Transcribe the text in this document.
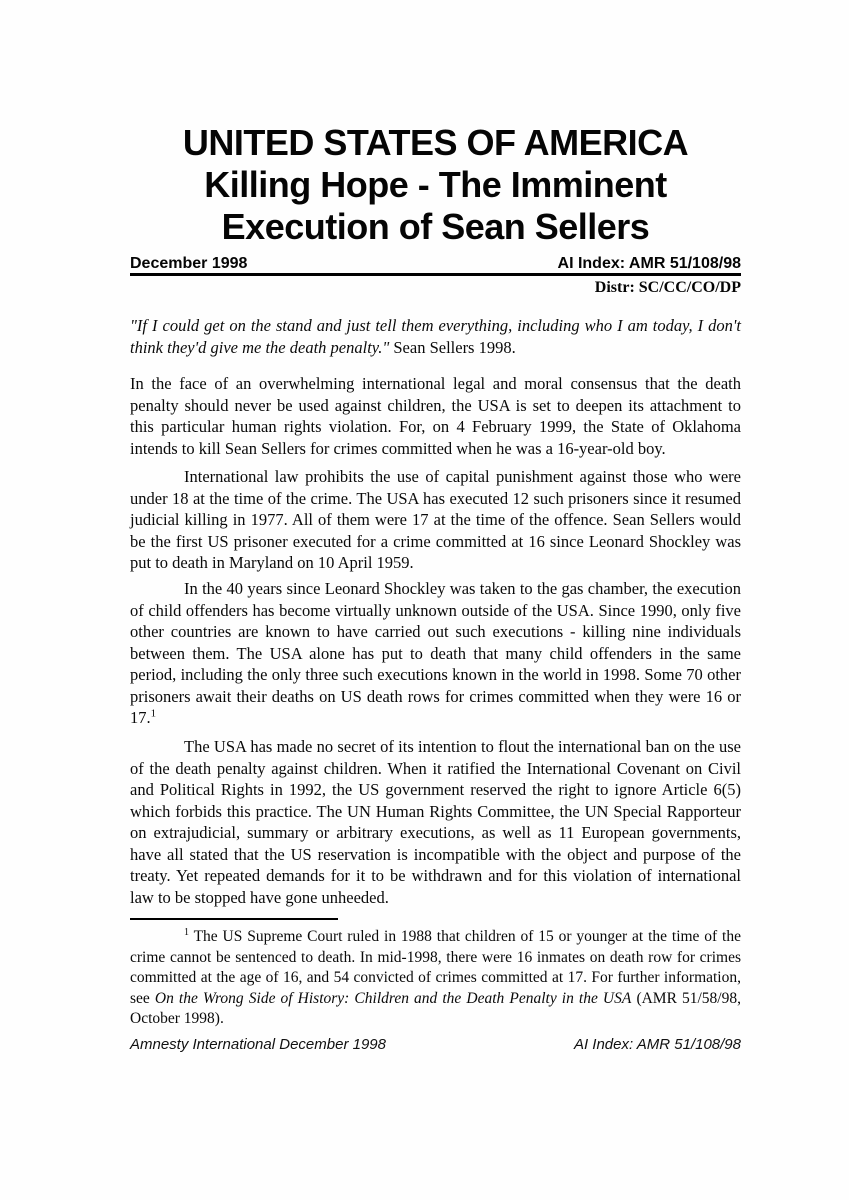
UNITED STATES OF AMERICA
Killing Hope - The Imminent
Execution of Sean Sellers
December 1998	AI Index: AMR 51/108/98
Distr: SC/CC/CO/DP
"If I could get on the stand and just tell them everything, including who I am today, I don't think they'd give me the death penalty." Sean Sellers 1998.
In the face of an overwhelming international legal and moral consensus that the death penalty should never be used against children, the USA is set to deepen its attachment to this particular human rights violation. For, on 4 February 1999, the State of Oklahoma intends to kill Sean Sellers for crimes committed when he was a 16-year-old boy.
International law prohibits the use of capital punishment against those who were under 18 at the time of the crime. The USA has executed 12 such prisoners since it resumed judicial killing in 1977. All of them were 17 at the time of the offence. Sean Sellers would be the first US prisoner executed for a crime committed at 16 since Leonard Shockley was put to death in Maryland on 10 April 1959.
In the 40 years since Leonard Shockley was taken to the gas chamber, the execution of child offenders has become virtually unknown outside of the USA. Since 1990, only five other countries are known to have carried out such executions - killing nine individuals between them. The USA alone has put to death that many child offenders in the same period, including the only three such executions known in the world in 1998. Some 70 other prisoners await their deaths on US death rows for crimes committed when they were 16 or 17.$^1$
The USA has made no secret of its intention to flout the international ban on the use of the death penalty against children. When it ratified the International Covenant on Civil and Political Rights in 1992, the US government reserved the right to ignore Article 6(5) which forbids this practice. The UN Human Rights Committee, the UN Special Rapporteur on extrajudicial, summary or arbitrary executions, as well as 11 European governments, have all stated that the US reservation is incompatible with the object and purpose of the treaty. Yet repeated demands for it to be withdrawn and for this violation of international law to be stopped have gone unheeded.
$^1$ The US Supreme Court ruled in 1988 that children of 15 or younger at the time of the crime cannot be sentenced to death. In mid-1998, there were 16 inmates on death row for crimes committed at the age of 16, and 54 convicted of crimes committed at 17. For further information, see On the Wrong Side of History: Children and the Death Penalty in the USA (AMR 51/58/98, October 1998).
Amnesty International December 1998	AI Index: AMR 51/108/98
